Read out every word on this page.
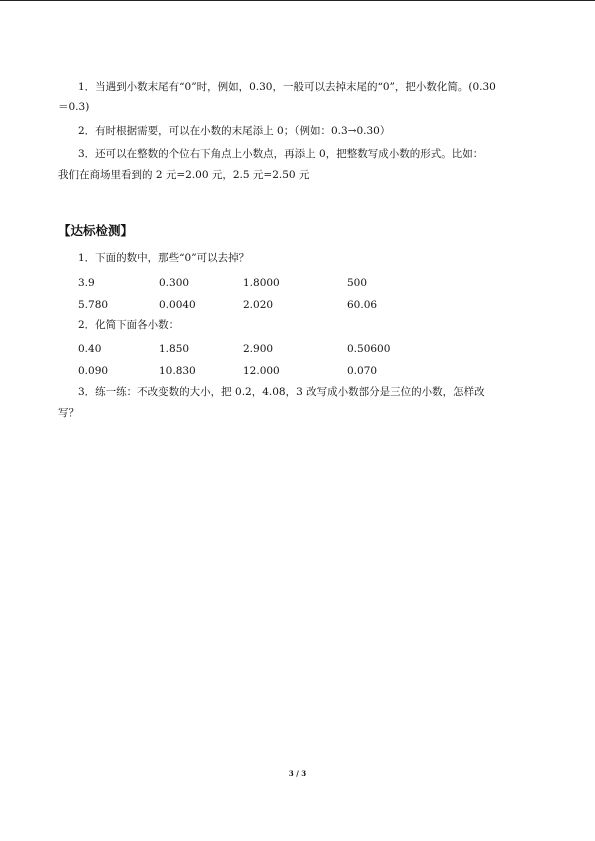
1．当遇到小数末尾有“0”时，例如，0.30，一般可以去掉末尾的“0”，把小数化简。(0.30
＝0.3)
2．有时根据需要，可以在小数的末尾添上 0；（例如：0.3→0.30）
3．还可以在整数的个位右下角点上小数点，再添上 0，把整数写成小数的形式。比如：
我们在商场里看到的 2 元=2.00 元，2.5 元=2.50 元
【达标检测】
1．下面的数中，那些“0”可以去掉？
3.9	0.300	1.8000	500
5.780	0.0040	2.020	60.06
2．化简下面各小数：
0.40	1.850	2.900	0.50600
0.090	10.830	12.000	0.070
3．练一练：不改变数的大小，把 0.2，4.08，3 改写成小数部分是三位的小数，怎样改
写？
3 / 3
